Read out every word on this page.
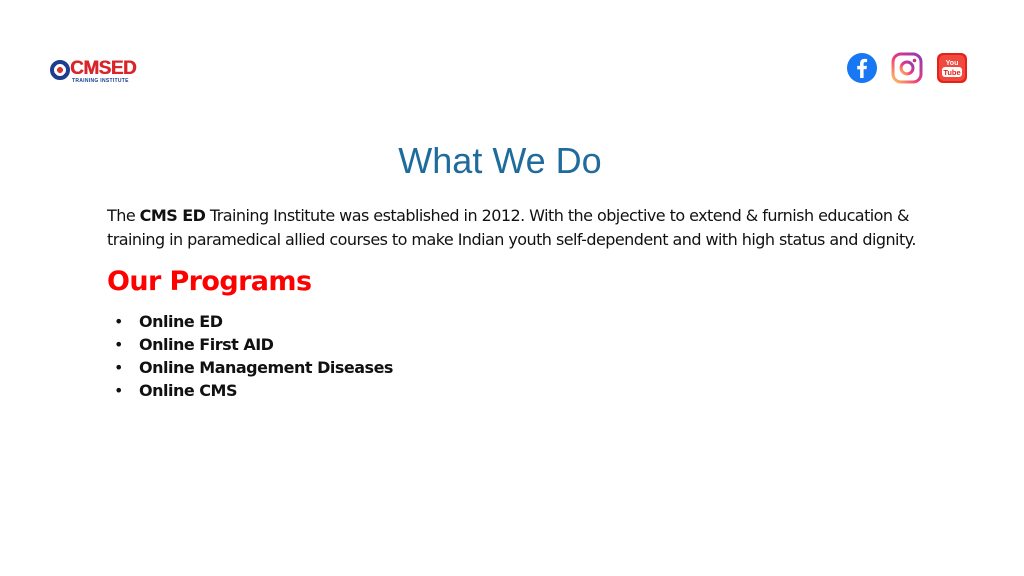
CMSED
TRAINING INSTITUTE
You
Tube
What We Do

The CMS ED Training Institute was established in 2012. With the objective to extend & furnish education & training in paramedical allied courses to make Indian youth self-dependent and with high status and dignity.

Our Programs
• Online ED
• Online First AID
• Online Management Diseases
• Online CMS
